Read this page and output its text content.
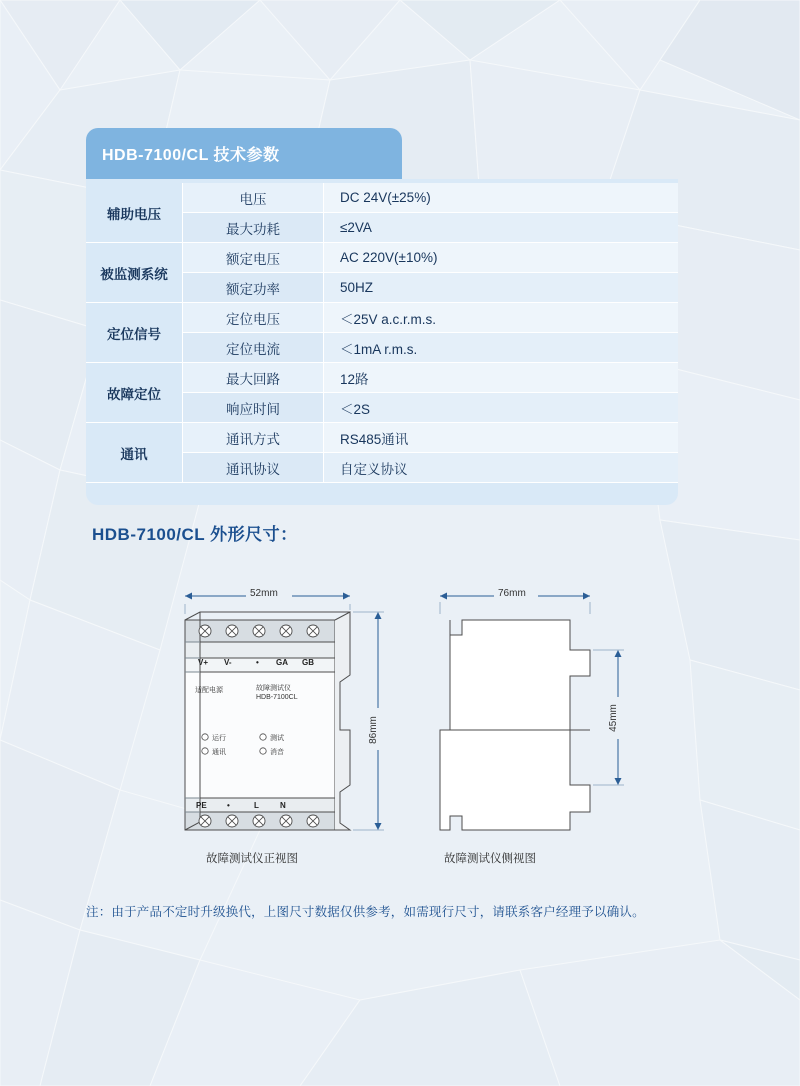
HDB-7100/CL 技术参数
辅助电压	电压	DC 24V(±25%)
	最大功耗	≤2VA
被监测系统	额定电压	AC 220V(±10%)
	额定功率	50HZ
定位信号	定位电压	＜25V a.c.r.m.s.
	定位电流	＜1mA r.m.s.
故障定位	最大回路	12路
	响应时间	＜2S
通讯	通讯方式	RS485通讯
	通讯协议	自定义协议
HDB-7100/CL 外形尺寸：
V+ V-	• GA GB
适配电源	故障测试仪
HDB-7100CL
运行
通讯
测试
消音
PE	•	L	N
52mm
86mm
76mm
45mm
故障测试仪正视图	故障测试仪侧视图
注：由于产品不定时升级换代，上图尺寸数据仅供参考，如需现行尺寸，请联系客户经理予以确认。
